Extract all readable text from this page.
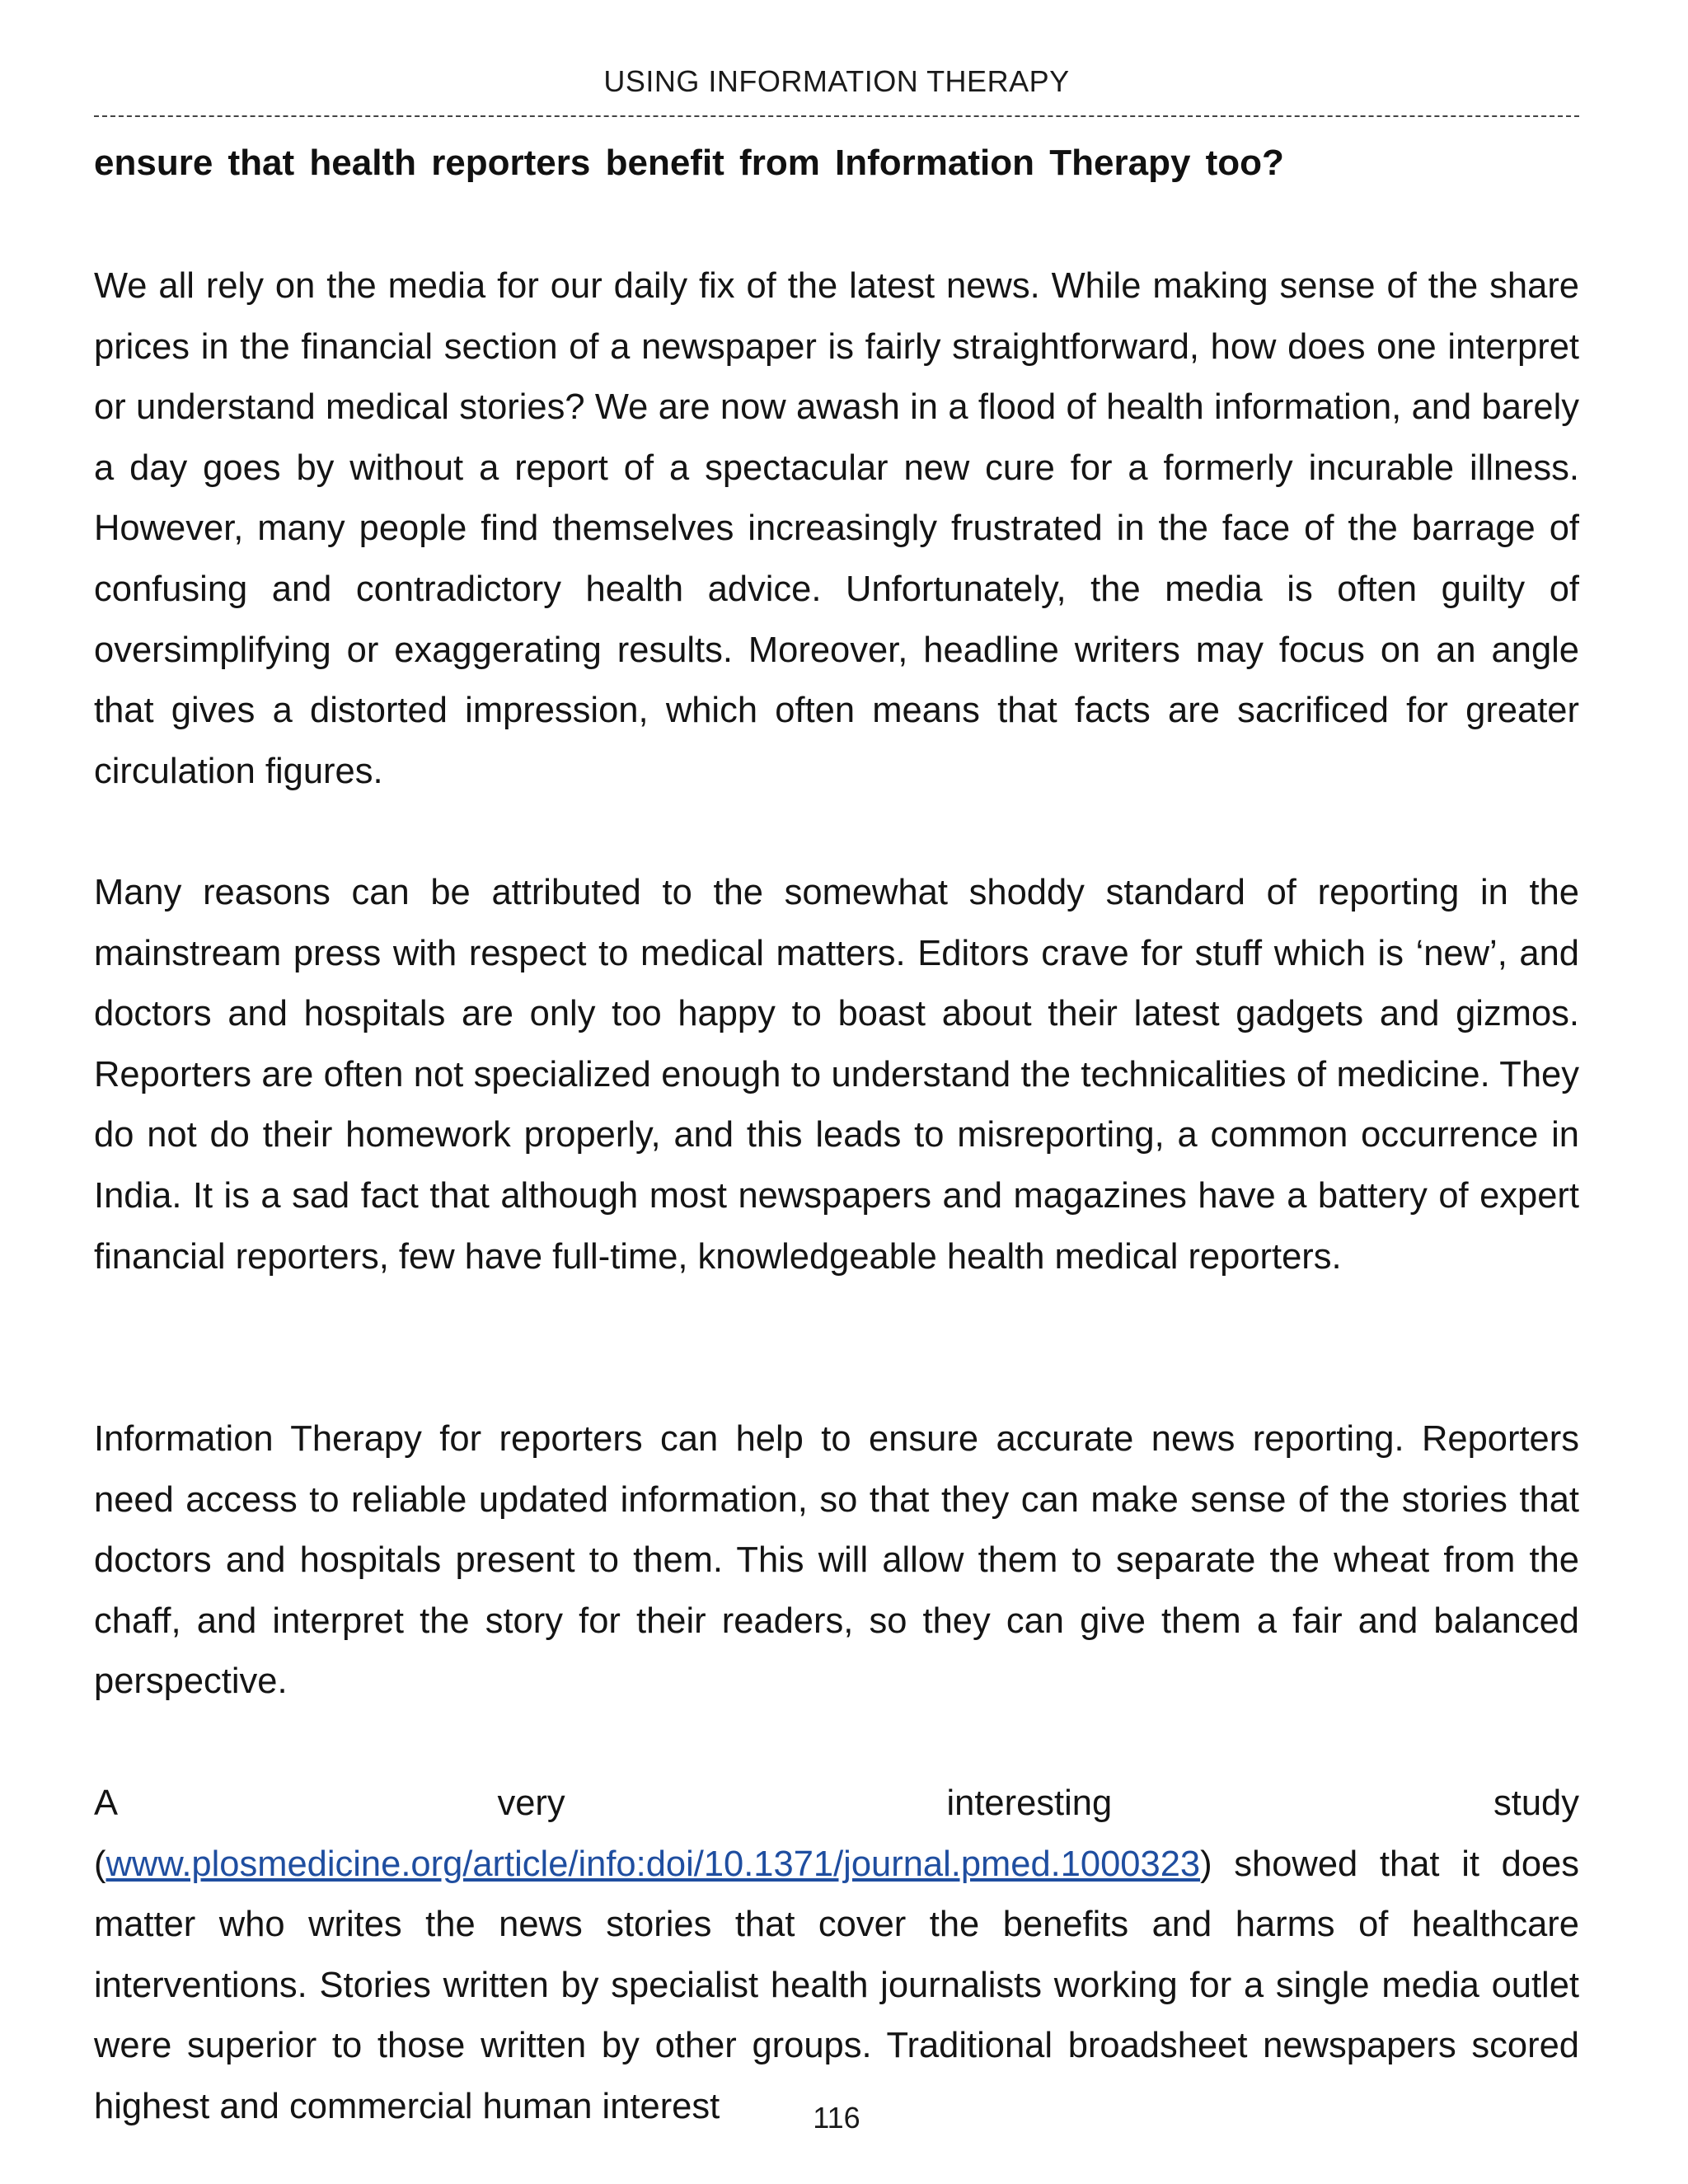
USING INFORMATION THERAPY
ensure that health reporters benefit from Information Therapy too?

We all rely on the media for our daily fix of the latest news. While making sense of the share prices in the financial section of a newspaper is fairly straightforward, how does one interpret or understand medical stories? We are now awash in a flood of health information, and barely a day goes by without a report of a spectacular new cure for a formerly incurable illness. However, many people find themselves increasingly frustrated in the face of the barrage of confusing and contradictory health advice. Unfortunately, the media is often guilty of oversimplifying or exaggerating results. Moreover, headline writers may focus on an angle that gives a distorted impression, which often means that facts are sacrificed for greater circulation figures.

Many reasons can be attributed to the somewhat shoddy standard of reporting in the mainstream press with respect to medical matters. Editors crave for stuff which is ‘new’, and doctors and hospitals are only too happy to boast about their latest gadgets and gizmos. Reporters are often not specialized enough to understand the technicalities of medicine. They do not do their homework properly, and this leads to misreporting, a common occurrence in India. It is a sad fact that although most newspapers and magazines have a battery of expert financial reporters, few have full-time, knowledgeable health medical reporters.

Information Therapy for reporters can help to ensure accurate news reporting. Reporters need access to reliable updated information, so that they can make sense of the stories that doctors and hospitals present to them. This will allow them to separate the wheat from the chaff, and interpret the story for their readers, so they can give them a fair and balanced perspective.

A very interesting study (www.plosmedicine.org/article/info:doi/10.1371/journal.pmed.1000323) showed that it does matter who writes the news stories that cover the benefits and harms of healthcare interventions. Stories written by specialist health journalists working for a single media outlet were superior to those written by other groups. Traditional broadsheet newspapers scored highest and commercial human interest	116
